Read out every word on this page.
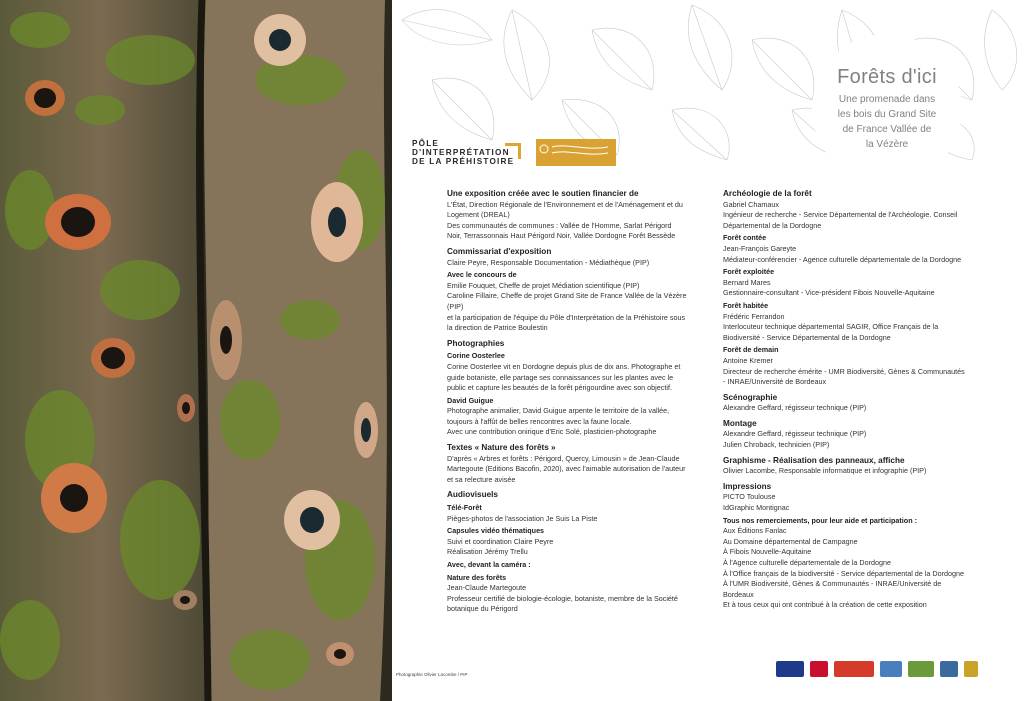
Forêts d'ici
Une promenade dans
les bois du Grand Site
de France Vallée de
la Vézère
PÔLE
D'INTERPRÉTATION
DE LA PRÉHISTOIRE
Une exposition créée avec le soutien financier de
L'État, Direction Régionale de l'Environnement et de l'Aménagement et du Logement (DREAL)
Des communautés de communes : Vallée de l'Homme, Sarlat Périgord Noir, Terrassonnais Haut Périgord Noir, Vallée Dordogne Forêt Bessède
Commissariat d'exposition
Claire Peyre, Responsable Documentation - Médiathèque (PIP)
Avec le concours de
Emilie Fouquet, Cheffe de projet Médiation scientifique (PIP)
Caroline Fillaire, Cheffe de projet Grand Site de France Vallée de la Vézère (PIP)
et la participation de l'équipe du Pôle d'Interprétation de la Préhistoire sous la direction de Patrice Boulestin
Photographies
Corine Oosterlee
Corine Oosterlee vit en Dordogne depuis plus de dix ans. Photographe et guide botaniste, elle partage ses connaissances sur les plantes avec le public et capture les beautés de la forêt périgourdine avec son objectif.
David Guigue
Photographe animalier, David Guigue arpente le territoire de la vallée, toujours à l'affût de belles rencontres avec la faune locale.
Avec une contribution onirique d'Eric Solé, plasticien-photographe
Textes « Nature des forêts »
D'après « Arbres et forêts : Périgord, Quercy, Limousin » de Jean-Claude Martegoute (Editions Bacofin, 2020), avec l'aimable autorisation de l'auteur et sa relecture avisée
Audiovisuels
Télé-Forêt
Pièges-photos de l'association Je Suis La Piste
Capsules vidéo thématiques
Suivi et coordination Claire Peyre
Réalisation Jérémy Trellu
Avec, devant la caméra :
Nature des forêts
Jean-Claude Martegoute
Professeur certifié de biologie-écologie, botaniste, membre de la Société botanique du Périgord
Archéologie de la forêt
Gabriel Chamaux
Ingénieur de recherche - Service Départemental de l'Archéologie. Conseil Départemental de la Dordogne
Forêt contée
Jean-François Gareyte
Médiateur-conférencier - Agence culturelle départementale de la Dordogne
Forêt exploitée
Bernard Mares
Gestionnaire-consultant - Vice-président Fibois Nouvelle-Aquitaine
Forêt habitée
Frédéric Ferrandon
Interlocuteur technique départemental SAGIR, Office Français de la Biodiversité - Service Départemental de la Dordogne
Forêt de demain
Antoine Kremer
Directeur de recherche émérite - UMR Biodiversité, Gènes & Communautés - INRAE/Université de Bordeaux
Scénographie
Alexandre Geffard, régisseur technique (PIP)
Montage
Alexandre Geffard, régisseur technique (PIP)
Julien Chroback, technicien (PIP)
Graphisme - Réalisation des panneaux, affiche
Olivier Lacombe, Responsable informatique et infographie (PIP)
Impressions
PICTO Toulouse
IdGraphic Montignac
Tous nos remerciements, pour leur aide et participation :
Aux Éditions Fanlac
Au Domaine départemental de Campagne
À Fibois Nouvelle-Aquitaine
À l'Agence culturelle départementale de la Dordogne
À l'Office français de la biodiversité - Service départemental de la Dordogne
À l'UMR Biodiversité, Gènes & Communautés - INRAE/Université de Bordeaux
Et à tous ceux qui ont contribué à la création de cette exposition
Photographie Olivier Lacombe / PIP
